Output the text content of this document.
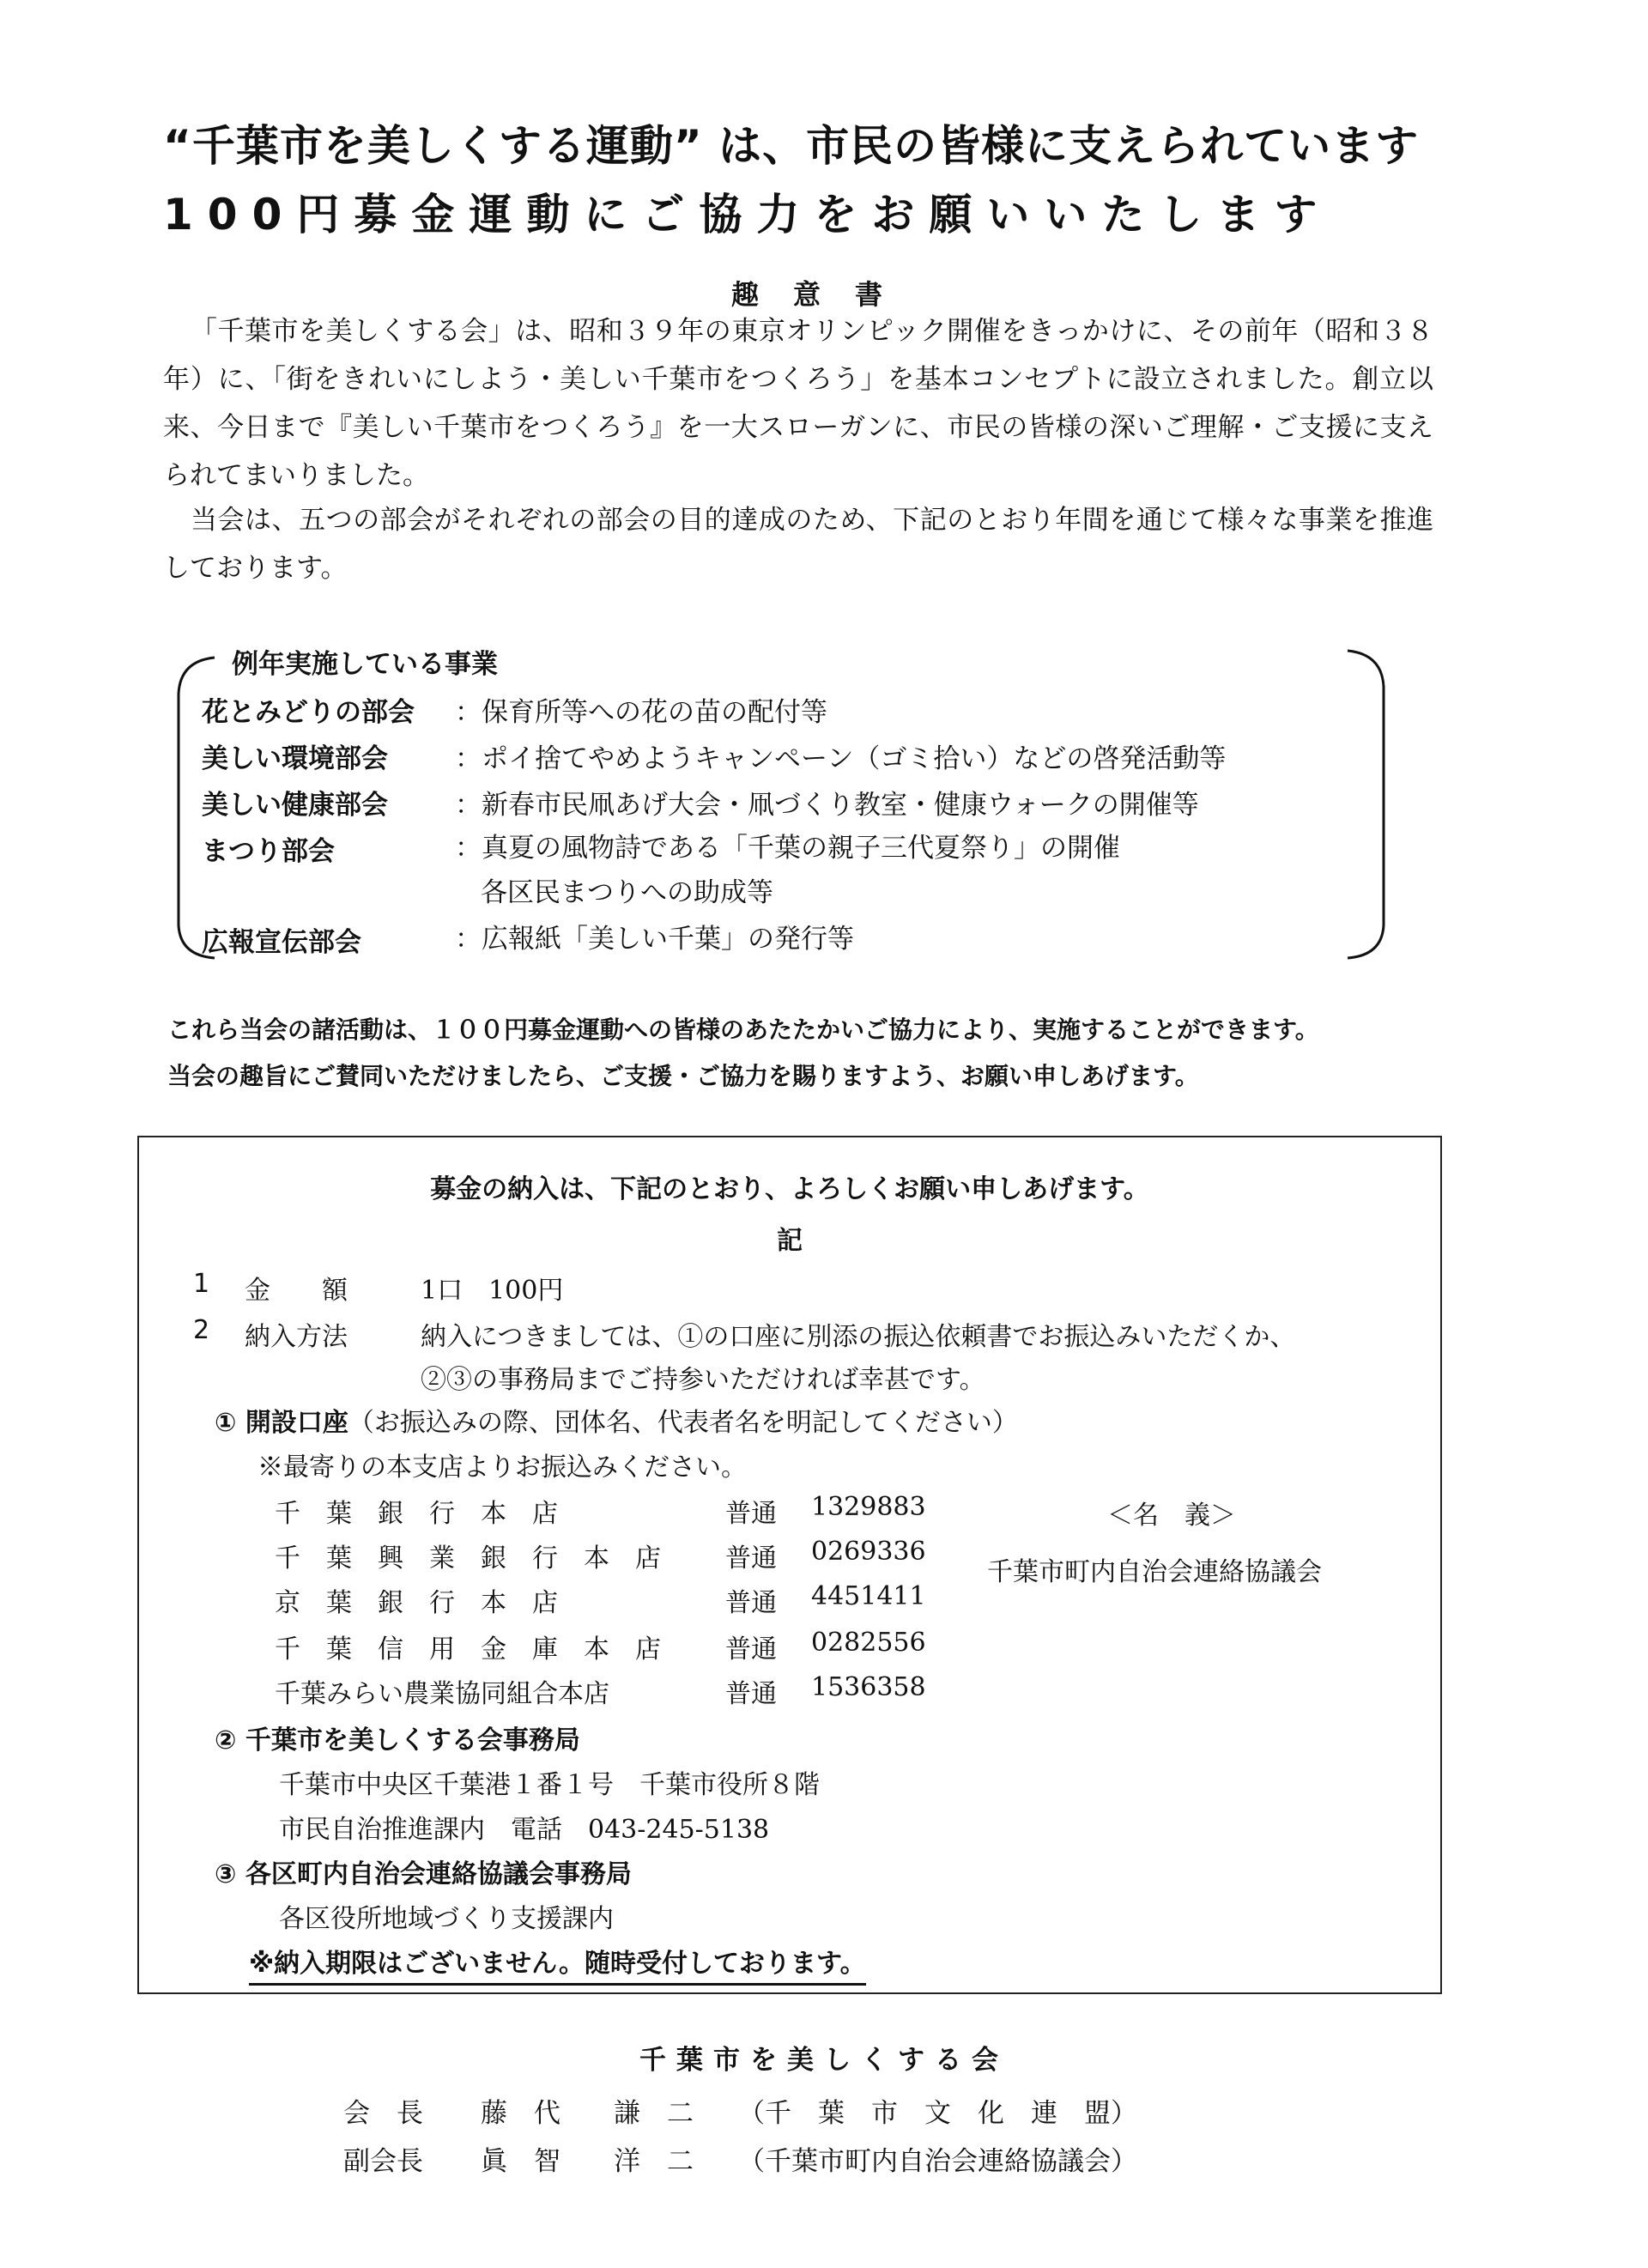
“千葉市を美しくする運動” は、市民の皆様に支えられています
100円募金運動にご協力をお願いいたします
趣意書
「千葉市を美しくする会」は、昭和３９年の東京オリンピック開催をきっかけに、その前年（昭和３８年）に、「街をきれいにしよう・美しい千葉市をつくろう」を基本コンセプトに設立されました。創立以来、今日まで『美しい千葉市をつくろう』を一大スローガンに、市民の皆様の深いご理解・ご支援に支えられてまいりました。
当会は、五つの部会がそれぞれの部会の目的達成のため、下記のとおり年間を通じて様々な事業を推進しております。
例年実施している事業
花とみどりの部会 ：保育所等への花の苗の配付等
美しい環境部会	：ポイ捨てやめようキャンペーン（ゴミ拾い）などの啓発活動等
美しい健康部会	：新春市民凧あげ大会・凧づくり教室・健康ウォークの開催等
まつり部会	：真夏の風物詩である「千葉の親子三代夏祭り」の開催
各区民まつりへの助成等
広報宣伝部会	：広報紙「美しい千葉」の発行等
これら当会の諸活動は、１００円募金運動への皆様のあたたかいご協力により、実施することができます。
当会の趣旨にご賛同いただけましたら、ご支援・ご協力を賜りますよう、お願い申しあげます。
募金の納入は、下記のとおり、よろしくお願い申しあげます。
記
1 金　　額	1口　100円
2 納入方法	納入につきましては、①の口座に別添の振込依頼書でお振込みいただくか、
②③の事務局までご持参いただければ幸甚です。
① 開設口座（お振込みの際、団体名、代表者名を明記してください）
※最寄りの本支店よりお振込みください。
千　葉　銀　行　本　店	普通 1329883
千　葉　興　業　銀　行　本　店	普通 0269336
京　葉　銀　行　本　店	普通 4451411
千　葉　信　用　金　庫　本　店	普通 0282556
千葉みらい農業協同組合本店	普通 1536358
＜名　義＞
千葉市町内自治会連絡協議会
② 千葉市を美しくする会事務局
千葉市中央区千葉港１番１号　千葉市役所８階
市民自治推進課内　電話　043-245-5138
③ 各区町内自治会連絡協議会事務局
各区役所地域づくり支援課内
※納入期限はございません。随時受付しております。
千葉市を美しくする会
会　長 藤　代　　謙　二 （千　葉　市　文　化　連　盟）
副会長 眞　智　　洋　二 （千葉市町内自治会連絡協議会）
